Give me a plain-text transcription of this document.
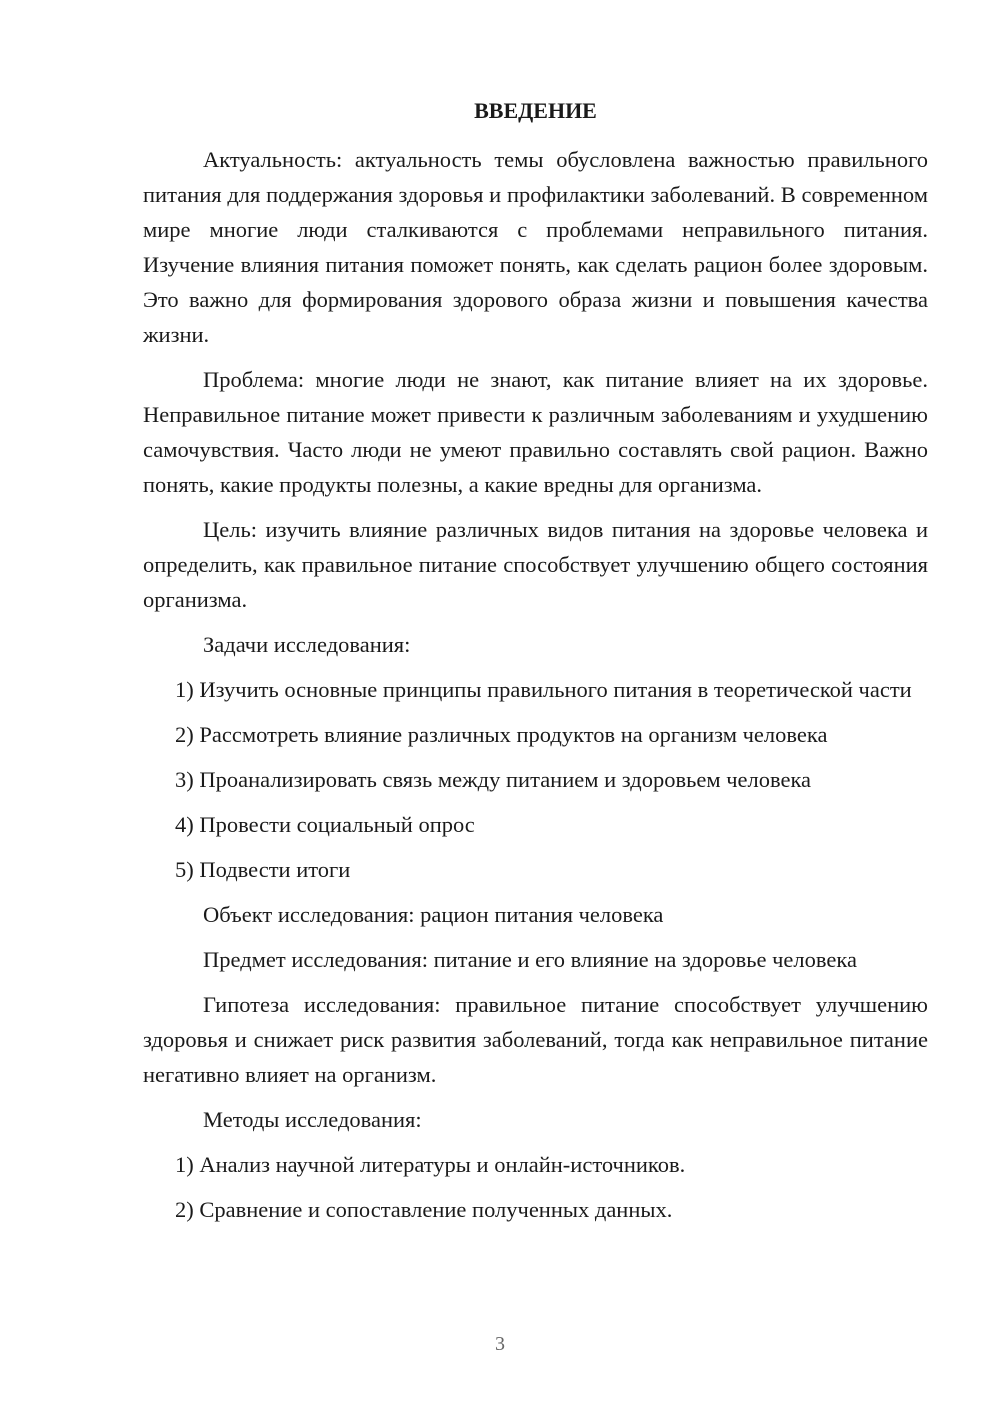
ВВЕДЕНИЕ

Актуальность: актуальность темы обусловлена важностью правильного питания для поддержания здоровья и профилактики заболеваний. В современном мире многие люди сталкиваются с проблемами неправильного питания. Изучение влияния питания поможет понять, как сделать рацион более здоровым. Это важно для формирования здорового образа жизни и повышения качества жизни.

Проблема: многие люди не знают, как питание влияет на их здоровье. Неправильное питание может привести к различным заболеваниям и ухудшению самочувствия. Часто люди не умеют правильно составлять свой рацион. Важно понять, какие продукты полезны, а какие вредны для организма.

Цель: изучить влияние различных видов питания на здоровье человека и определить, как правильное питание способствует улучшению общего состояния организма.

Задачи исследования:

1) Изучить основные принципы правильного питания в теоретической части

2) Рассмотреть влияние различных продуктов на организм человека

3) Проанализировать связь между питанием и здоровьем человека

4) Провести социальный опрос

5) Подвести итоги

Объект исследования: рацион питания человека

Предмет исследования: питание и его влияние на здоровье человека

Гипотеза исследования: правильное питание способствует улучшению здоровья и снижает риск развития заболеваний, тогда как неправильное питание негативно влияет на организм.

Методы исследования:

1) Анализ научной литературы и онлайн-источников.

2) Сравнение и сопоставление полученных данных.

3
